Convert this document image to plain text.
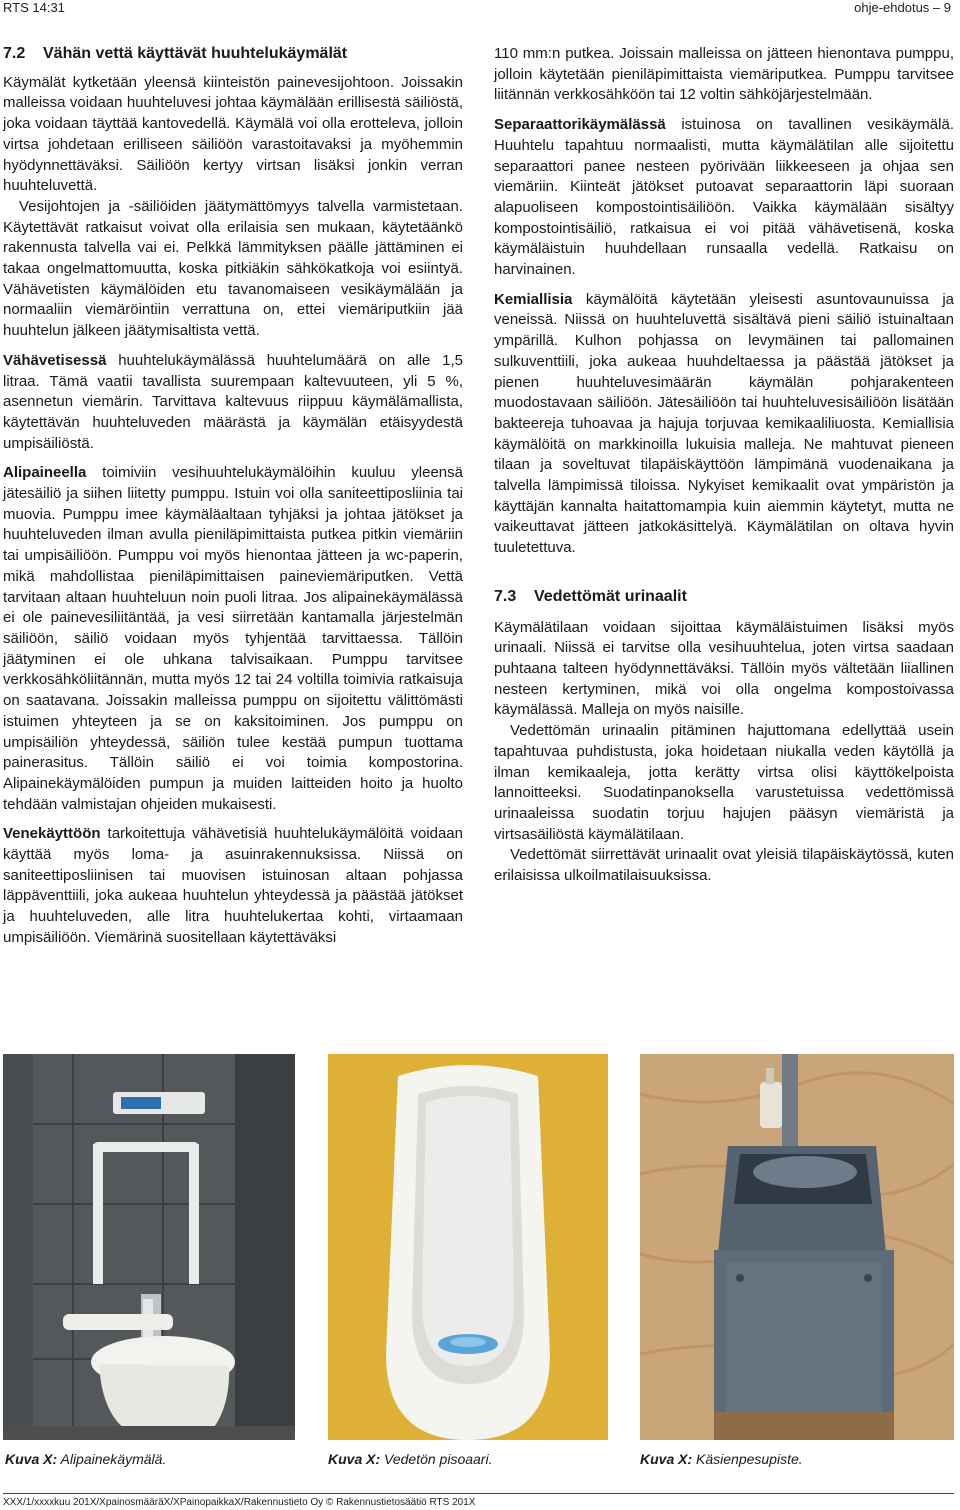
RTS 14:31	ohje-ehdotus – 9
7.2 Vähän vettä käyttävät huuhtelukäymälät

Käymälät kytketään yleensä kiinteistön painevesijohtoon. Joissakin malleissa voidaan huuhteluvesi johtaa käymälään erillisestä säiliöstä, joka voidaan täyttää kantovedellä. Käymälä voi olla erotteleva, jolloin virtsa johdetaan erilliseen säiliöön varastoitavaksi ja myöhemmin hyödynnettäväksi. Säiliöön kertyy virtsan lisäksi jonkin verran huuhteluvettä.

Vesijohtojen ja -säiliöiden jäätymättömyys talvella varmistetaan. Käytettävät ratkaisut voivat olla erilaisia sen mukaan, käytetäänkö rakennusta talvella vai ei. Pelkkä lämmityksen päälle jättäminen ei takaa ongelmattomuutta, koska pitkiäkin sähkökatkoja voi esiintyä. Vähävetisten käymälöiden etu tavanomaiseen vesikäymälään ja normaaliin viemäröintiin verrattuna on, ettei viemäriputkiin jää huuhtelun jälkeen jäätymisaltista vettä.

Vähävetisessä huuhtelukäymälässä huuhtelumäärä on alle 1,5 litraa. Tämä vaatii tavallista suurempaan kaltevuuteen, yli 5 %, asennetun viemärin. Tarvittava kaltevuus riippuu käymälämallista, käytettävän huuhteluveden määrästä ja käymälän etäisyydestä umpisäiliöstä.

Alipaineella toimiviin vesihuuhtelukäymälöihin kuuluu yleensä jätesäiliö ja siihen liitetty pumppu. Istuin voi olla saniteettiposliinia tai muovia. Pumppu imee käymäläaltaan tyhjäksi ja johtaa jätökset ja huuhteluveden ilman avulla pieniläpimittaista putkea pitkin viemäriin tai umpisäiliöön. Pumppu voi myös hienontaa jätteen ja wc-paperin, mikä mahdollistaa pieniläpimittaisen paineviemäriputken. Vettä tarvitaan altaan huuhteluun noin puoli litraa. Jos alipainekäymälässä ei ole painevesiliitäntää, ja vesi siirretään kantamalla järjestelmän säiliöön, säiliö voidaan myös tyhjentää tarvittaessa. Tällöin jäätyminen ei ole uhkana talvisaikaan. Pumppu tarvitsee verkkosähköliitännän, mutta myös 12 tai 24 voltilla toimivia ratkaisuja on saatavana. Joissakin malleissa pumppu on sijoitettu välittömästi istuimen yhteyteen ja se on kaksitoiminen. Jos pumppu on umpisäiliön yhteydessä, säiliön tulee kestää pumpun tuottama painerasitus. Tällöin säiliö ei voi toimia kompostorina. Alipainekäymälöiden pumpun ja muiden laitteiden hoito ja huolto tehdään valmistajan ohjeiden mukaisesti.

Venekäyttöön tarkoitettuja vähävetisiä huuhtelukäymälöitä voidaan käyttää myös loma- ja asuinrakennuksissa. Niissä on saniteettiposliinisen tai muovisen istuinosan altaan pohjassa läppäventtiili, joka aukeaa huuhtelun yhteydessä ja päästää jätökset ja huuhteluveden, alle litra huuhtelukertaa kohti, virtaamaan umpisäiliöön. Viemärinä suositellaan käytettäväksi

110 mm:n putkea. Joissain malleissa on jätteen hienontava pumppu, jolloin käytetään pieniläpimittaista viemäriputkea. Pumppu tarvitsee liitännän verkkosähköön tai 12 voltin sähköjärjestelmään.

Separaattorikäymälässä istuinosa on tavallinen vesikäymälä. Huuhtelu tapahtuu normaalisti, mutta käymälätilan alle sijoitettu separaattori panee nesteen pyörivään liikkeeseen ja ohjaa sen viemäriin. Kiinteät jätökset putoavat separaattorin läpi suoraan alapuoliseen kompostointisäiliöön. Vaikka käymälään sisältyy kompostointisäiliö, ratkaisua ei voi pitää vähävetisenä, koska käymäläistuin huuhdellaan runsaalla vedellä. Ratkaisu on harvinainen.

Kemiallisia käymälöitä käytetään yleisesti asuntovaunuissa ja veneissä. Niissä on huuhteluvettä sisältävä pieni säiliö istuinaltaan ympärillä. Kulhon pohjassa on levymäinen tai pallomainen sulkuventtiili, joka aukeaa huuhdeltaessa ja päästää jätökset ja pienen huuhteluvesimäärän käymälän pohjarakenteen muodostavaan säiliöön. Jätesäiliöön tai huuhteluvesisäiliöön lisätään bakteereja tuhoavaa ja hajuja torjuvaa kemikaaliliuosta. Kemiallisia käymälöitä on markkinoilla lukuisia malleja. Ne mahtuvat pieneen tilaan ja soveltuvat tilapäiskäyttöön lämpimänä vuodenaikana ja talvella lämpimissä tiloissa. Nykyiset kemikaalit ovat ympäristön ja käyttäjän kannalta haitattomampia kuin aiemmin käytetyt, mutta ne vaikeuttavat jätteen jatkokäsittelyä. Käymälätilan on oltava hyvin tuuletettuva.

7.3 Vedettömät urinaalit

Käymälätilaan voidaan sijoittaa käymäläistuimen lisäksi myös urinaali. Niissä ei tarvitse olla vesihuuhtelua, joten virtsa saadaan puhtaana talteen hyödynnettäväksi. Tällöin myös vältetään liiallinen nesteen kertyminen, mikä voi olla ongelma kompostoivassa käymälässä. Malleja on myös naisille.

Vedettömän urinaalin pitäminen hajuttomana edellyttää usein tapahtuvaa puhdistusta, joka hoidetaan niukalla veden käytöllä ja ilman kemikaaleja, jotta kerätty virtsa olisi käyttökelpoista lannoitteeksi. Suodatinpanoksella varustetuissa vedettömissä urinaaleissa suodatin torjuu hajujen pääsyn viemäristä ja virtsasäiliöstä käymälätilaan.

Vedettömät siirrettävät urinaalit ovat yleisiä tilapäiskäytössä, kuten erilaisissa ulkoilmatilaisuuksissa.

Kuva X: Alipainekäymälä.	Kuva X: Vedetön pisoaari.	Kuva X: Käsienpesupiste.
XXX/1/xxxxkuu 201X/XpainosmääräX/XPainopaikkaX/Rakennustieto Oy © Rakennustietosäätiö RTS 201X
